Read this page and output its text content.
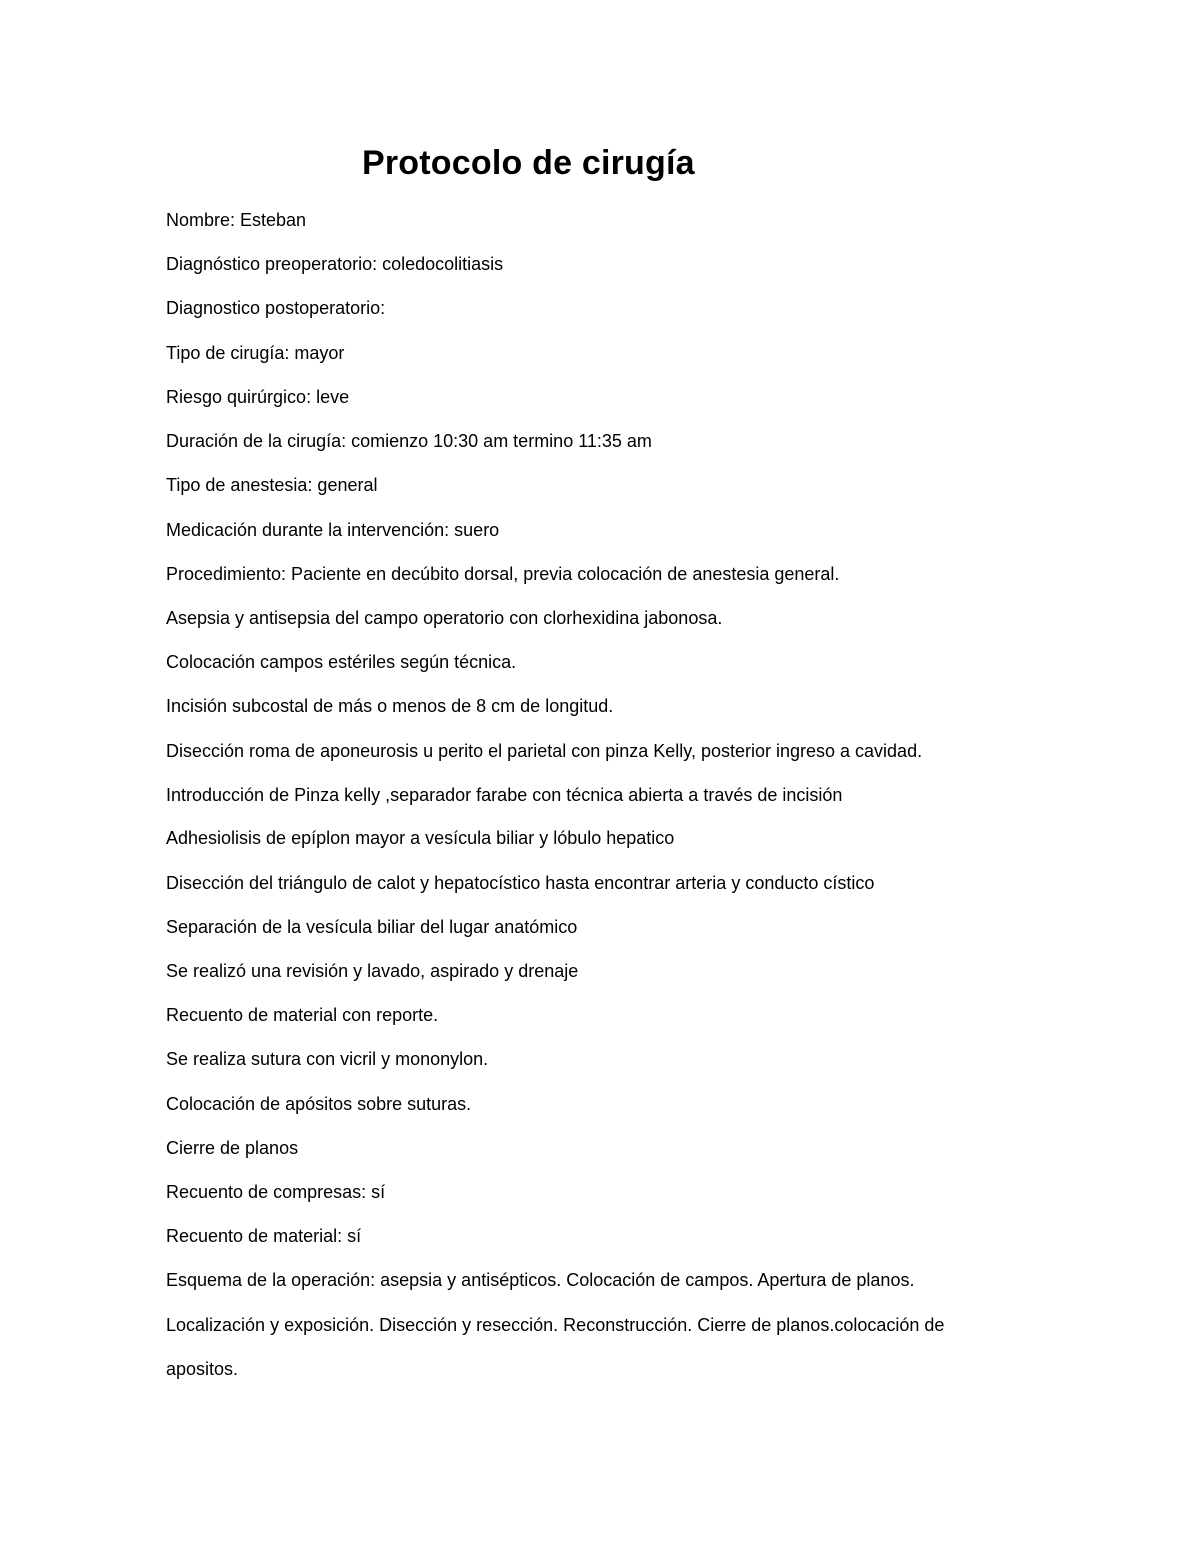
Protocolo de cirugía

Nombre: Esteban

Diagnóstico preoperatorio: coledocolitiasis

Diagnostico postoperatorio:

Tipo de cirugía: mayor

Riesgo quirúrgico: leve

Duración de la cirugía: comienzo 10:30 am termino 11:35 am

Tipo de anestesia: general

Medicación durante la intervención: suero

Procedimiento: Paciente en decúbito dorsal, previa colocación de anestesia general.

Asepsia y antisepsia del campo operatorio con clorhexidina jabonosa.

Colocación campos estériles según técnica.

Incisión subcostal de más o menos de 8 cm de longitud.

Disección roma de aponeurosis u perito el parietal con pinza Kelly, posterior ingreso a cavidad.

Introducción de Pinza kelly ,separador farabe con técnica abierta a través de incisión

Adhesiolisis de epíplon mayor a vesícula biliar y lóbulo hepatico

Disección del triángulo de calot y hepatocístico hasta encontrar arteria y conducto cístico

Separación de la vesícula biliar del lugar anatómico

Se realizó una revisión y lavado, aspirado y drenaje

Recuento de material con reporte.

Se realiza sutura con vicril y mononylon.

Colocación de apósitos sobre suturas.

Cierre de planos

Recuento de compresas: sí

Recuento de material: sí

Esquema de la operación: asepsia y antisépticos. Colocación de campos. Apertura de planos.

Localización y exposición. Disección y resección. Reconstrucción. Cierre de planos.colocación de

apositos.
